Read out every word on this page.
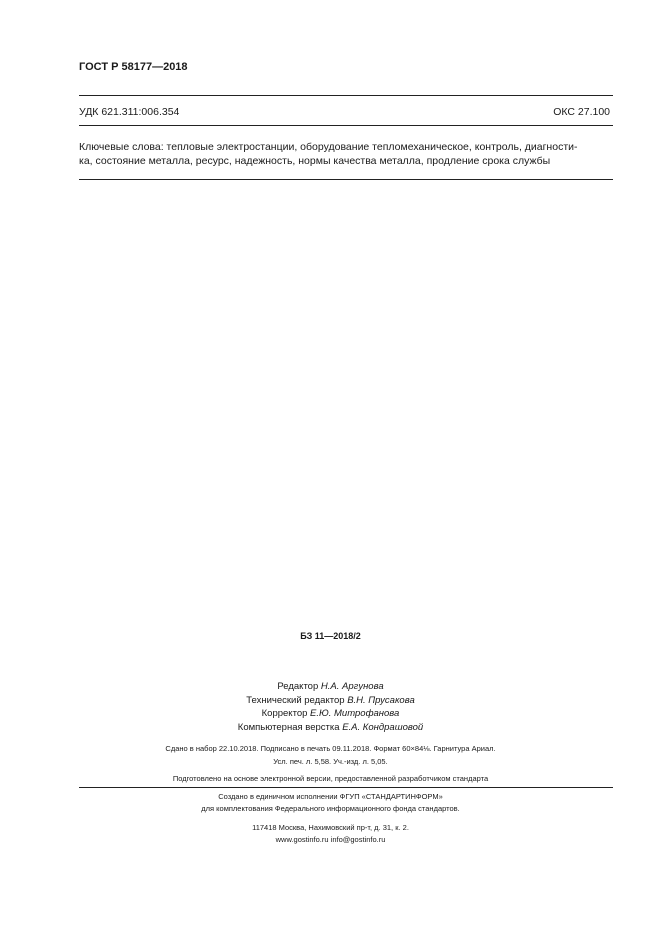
ГОСТ Р 58177—2018
УДК 621.311:006.354	ОКС 27.100
Ключевые слова: тепловые электростанции, оборудование тепломеханическое, контроль, диагности-
ка, состояние металла, ресурс, надежность, нормы качества металла, продление срока службы
БЗ 11—2018/2
Редактор Н.А. Аргунова
Технический редактор В.Н. Прусакова
Корректор Е.Ю. Митрофанова
Компьютерная верстка Е.А. Кондрашовой
Сдано в набор 22.10.2018. Подписано в печать 09.11.2018. Формат 60×84⅛. Гарнитура Ариал.
Усл. печ. л. 5,58. Уч.-изд. л. 5,05.
Подготовлено на основе электронной версии, предоставленной разработчиком стандарта
Создано в единичном исполнении ФГУП «СТАНДАРТИНФОРМ»
для комплектования Федерального информационного фонда стандартов.
117418 Москва, Нахимовский пр-т, д. 31, к. 2.
www.gostinfo.ru info@gostinfo.ru
